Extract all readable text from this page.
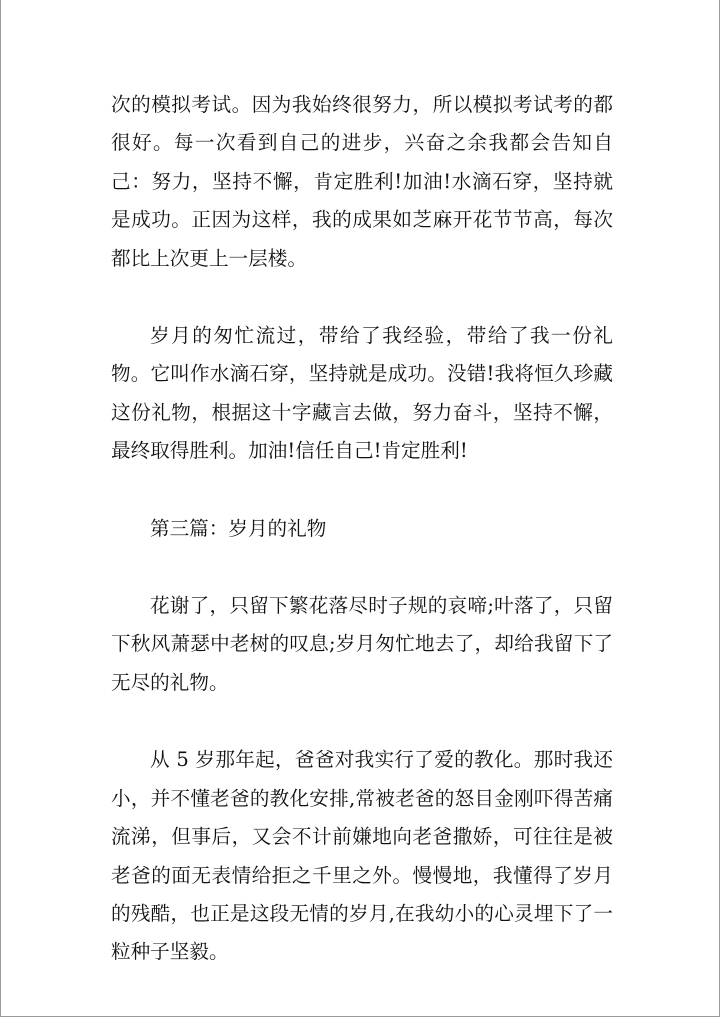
次的模拟考试。因为我始终很努力，所以模拟考试考的都很好。每一次看到自己的进步，兴奋之余我都会告知自己：努力，坚持不懈，肯定胜利!加油!水滴石穿，坚持就是成功。正因为这样，我的成果如芝麻开花节节高，每次都比上次更上一层楼。

岁月的匆忙流过，带给了我经验，带给了我一份礼物。它叫作水滴石穿，坚持就是成功。没错!我将恒久珍藏这份礼物，根据这十字藏言去做，努力奋斗，坚持不懈，最终取得胜利。加油!信任自己!肯定胜利!

第三篇：岁月的礼物

花谢了，只留下繁花落尽时子规的哀啼;叶落了，只留下秋风萧瑟中老树的叹息;岁月匆忙地去了，却给我留下了无尽的礼物。

从 5 岁那年起，爸爸对我实行了爱的教化。那时我还小，并不懂老爸的教化安排,常被老爸的怒目金刚吓得苦痛流涕，但事后，又会不计前嫌地向老爸撒娇，可往往是被老爸的面无表情给拒之千里之外。慢慢地，我懂得了岁月的残酷，也正是这段无情的岁月,在我幼小的心灵埋下了一粒种子坚毅。
